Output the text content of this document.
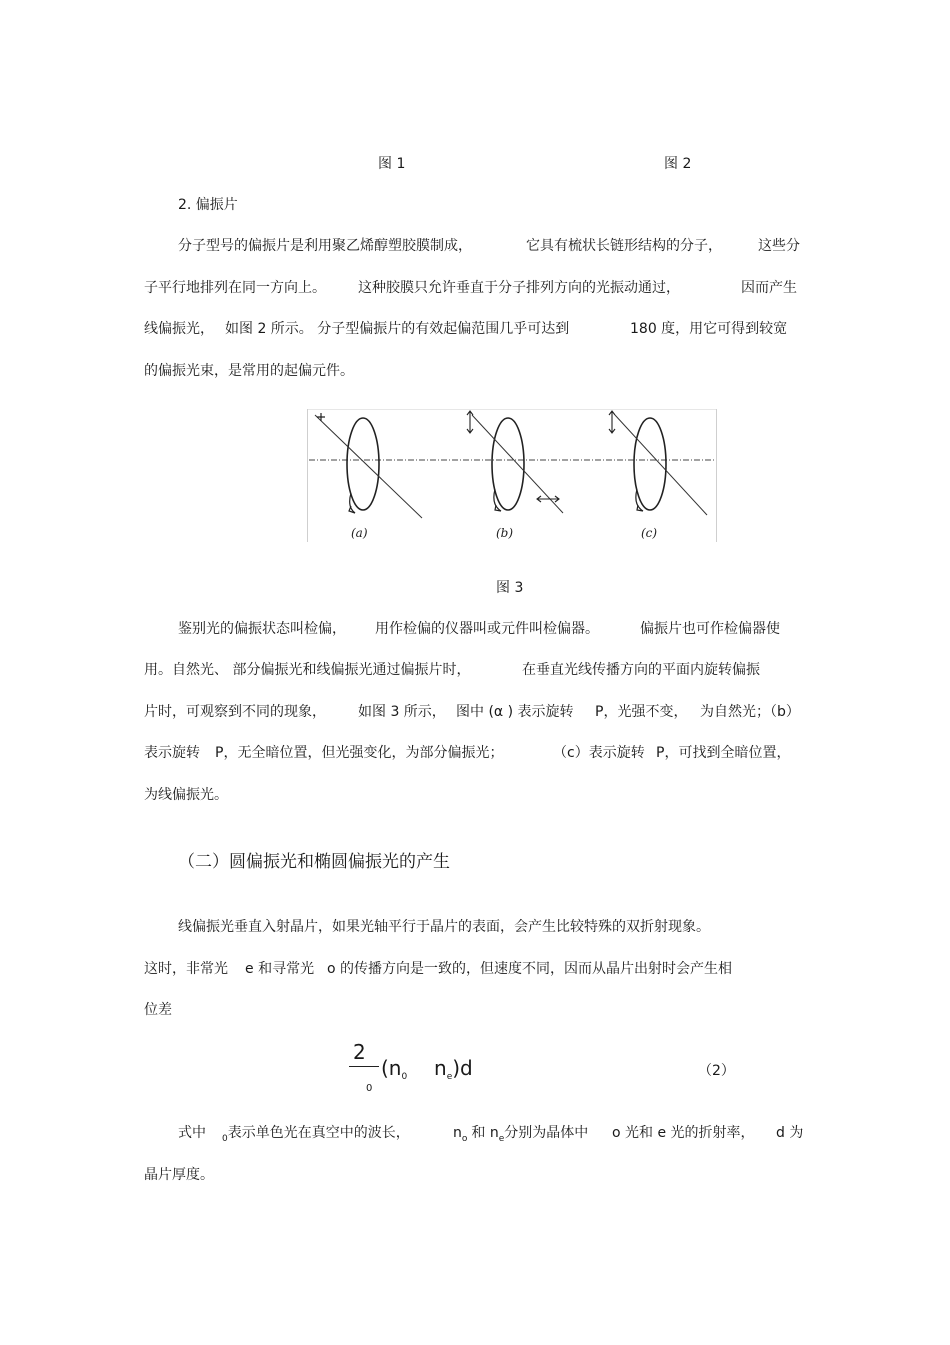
图 1	图 2
2. 偏振片
分子型号的偏振片是利用聚乙烯醇塑胶膜制成，	它具有梳状长链形结构的分子，	这些分
子平行地排列在同一方向上。 这种胶膜只允许垂直于分子排列方向的光振动通过，	因而产生
线偏振光， 如图 2 所示。 分子型偏振片的有效起偏范围几乎可达到	180 度，用它可得到较宽
的偏振光束，是常用的起偏元件。
(a)	(b)	(c)
图 3
鉴别光的偏振状态叫检偏， 用作检偏的仪器叫或元件叫检偏器。	偏振片也可作检偏器使
用。自然光、 部分偏振光和线偏振光通过偏振片时，	在垂直光线传播方向的平面内旋转偏振
片时，可观察到不同的现象， 如图 3 所示， 图中 (α ) 表示旋转 P，光强不变， 为自然光；（b）
表示旋转 P，无全暗位置，但光强变化，为部分偏振光；	（c）表示旋转 P，可找到全暗位置，
为线偏振光。
（二）圆偏振光和椭圆偏振光的产生
线偏振光垂直入射晶片，如果光轴平行于晶片的表面，会产生比较特殊的双折射现象。
这时，非常光 e 和寻常光 o 的传播方向是一致的，但速度不同，因而从晶片出射时会产生相
位差
2
0
($n_0$ $n_e)d$	（2）
式中 $_0$表示单色光在真空中的波长，	$n_o$ 和 $n_e$分别为晶体中 o 光和 e 光的折射率， d 为
晶片厚度。
